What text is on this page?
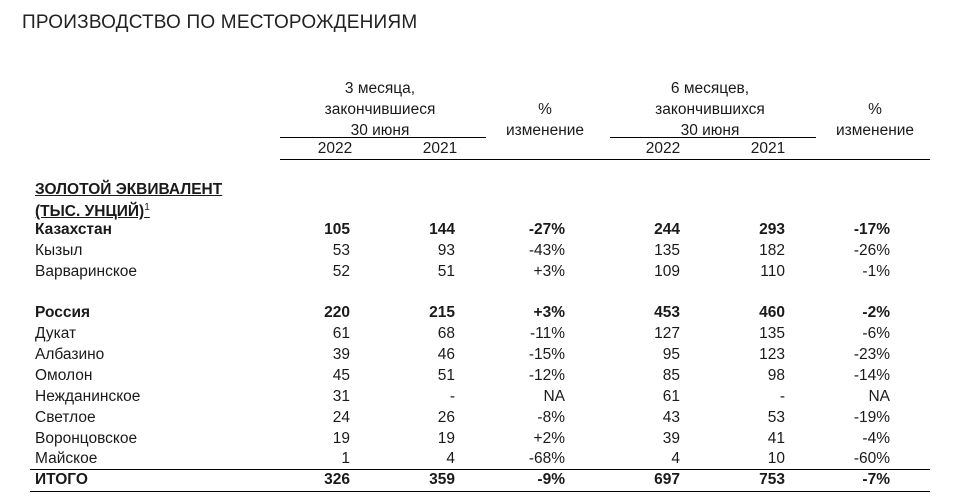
ПРОИЗВОДСТВО ПО МЕСТОРОЖДЕНИЯМ
3 месяца,
закончившиеся
30 июня
2022	2021
%
изменение
6 месяцев,
закончившихся
30 июня
2022	2021
%
изменение
ЗОЛОТОЙ ЭКВИВАЛЕНТ
(ТЫС. УНЦИЙ)$^1$
Казахстан	105	144	-27%	244	293	-17%
Кызыл	53	93	-43%	135	182	-26%
Варваринское	52	51	+3%	109	110	-1%
Россия	220	215	+3%	453	460	-2%
Дукат	61	68	-11%	127	135	-6%
Албазино	39	46	-15%	95	123	-23%
Омолон	45	51	-12%	85	98	-14%
Нежданинское	31	-	NA	61	-	NA
Светлое	24	26	-8%	43	53	-19%
Воронцовское	19	19	+2%	39	41	-4%
Майское	1	4	-68%	4	10	-60%
ИТОГО	326	359	-9%	697	753	-7%
